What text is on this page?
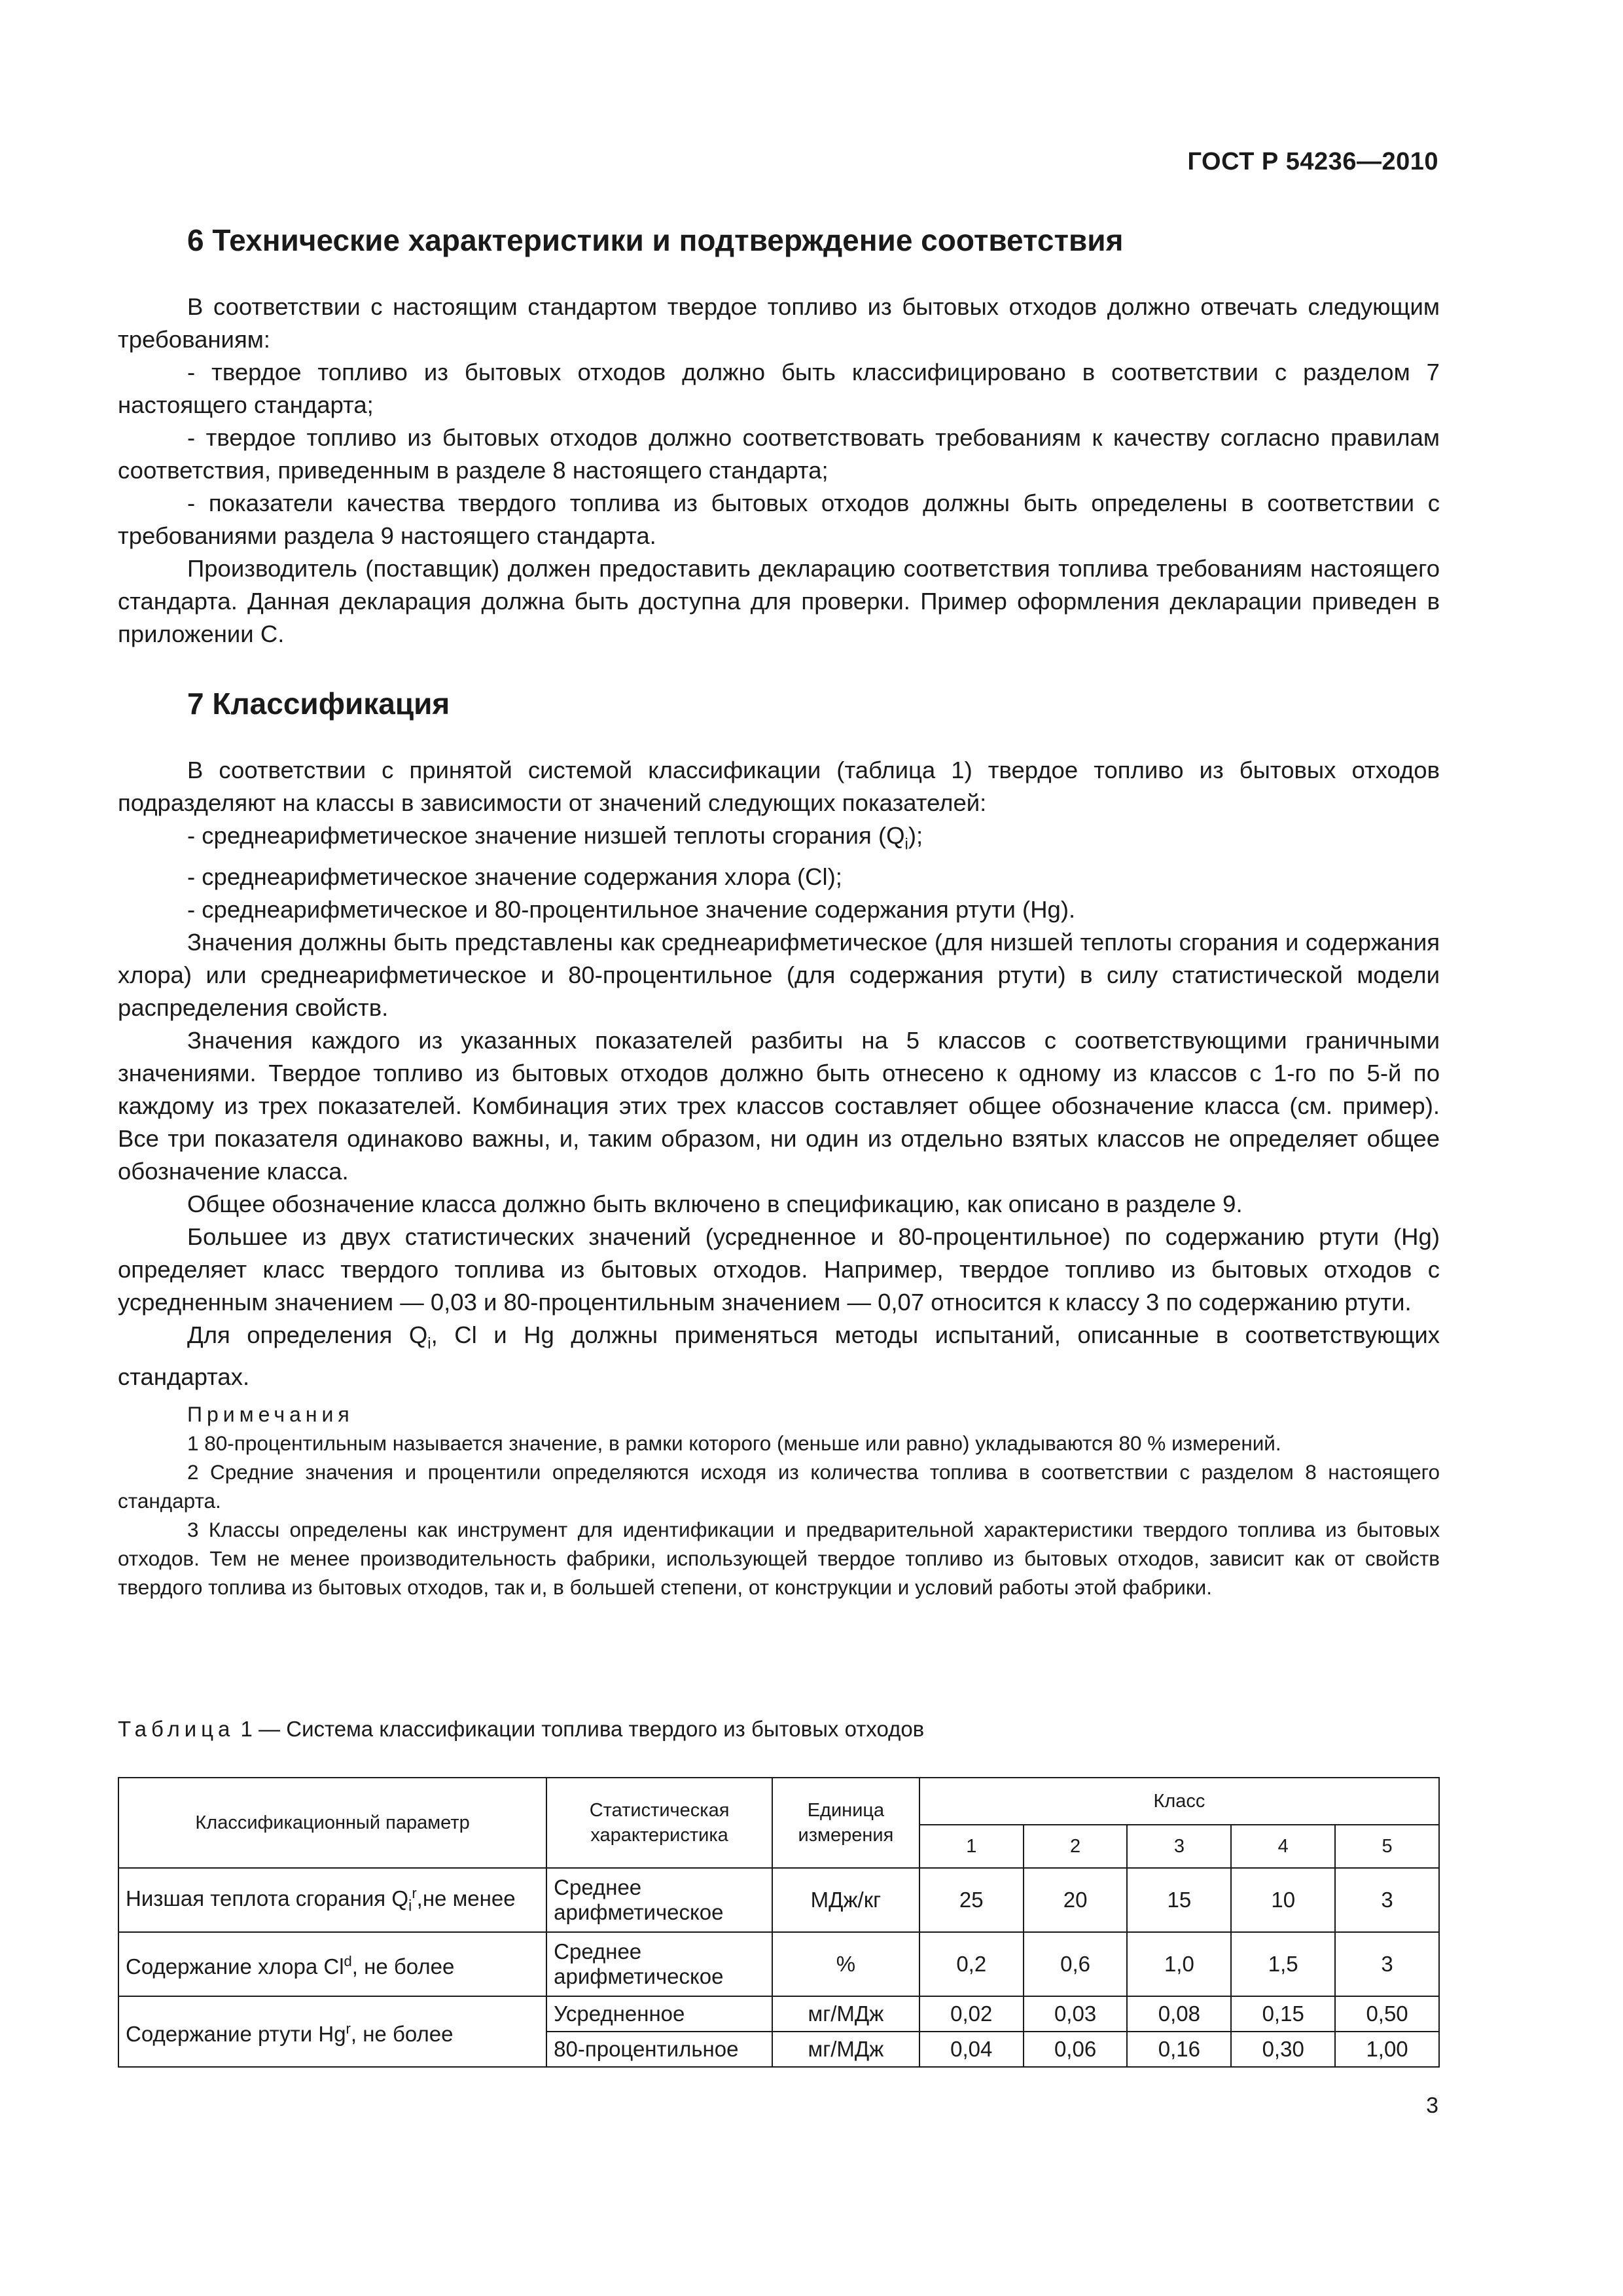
ГОСТ Р 54236—2010
6 Технические характеристики и подтверждение соответствия

В соответствии с настоящим стандартом твердое топливо из бытовых отходов должно отвечать следующим требованиям:

- твердое топливо из бытовых отходов должно быть классифицировано в соответствии с разделом 7 настоящего стандарта;

- твердое топливо из бытовых отходов должно соответствовать требованиям к качеству согласно правилам соответствия, приведенным в разделе 8 настоящего стандарта;

- показатели качества твердого топлива из бытовых отходов должны быть определены в соответствии с требованиями раздела 9 настоящего стандарта.

Производитель (поставщик) должен предоставить декларацию соответствия топлива требованиям настоящего стандарта. Данная декларация должна быть доступна для проверки. Пример оформления декларации приведен в приложении С.

7 Классификация

В соответствии с принятой системой классификации (таблица 1) твердое топливо из бытовых отходов подразделяют на классы в зависимости от значений следующих показателей:

- среднеарифметическое значение низшей теплоты сгорания $(Q_i)$;

- среднеарифметическое значение содержания хлора (Cl);

- среднеарифметическое и 80-процентильное значение содержания ртути (Hg).

Значения должны быть представлены как среднеарифметическое (для низшей теплоты сгорания и содержания хлора) или среднеарифметическое и 80-процентильное (для содержания ртути) в силу статистической модели распределения свойств.

Значения каждого из указанных показателей разбиты на 5 классов с соответствующими граничными значениями. Твердое топливо из бытовых отходов должно быть отнесено к одному из классов с 1-го по 5-й по каждому из трех показателей. Комбинация этих трех классов составляет общее обозначение класса (см. пример). Все три показателя одинаково важны, и, таким образом, ни один из отдельно взятых классов не определяет общее обозначение класса.

Общее обозначение класса должно быть включено в спецификацию, как описано в разделе 9.

Большее из двух статистических значений (усредненное и 80-процентильное) по содержанию ртути (Hg) определяет класс твердого топлива из бытовых отходов. Например, твердое топливо из бытовых отходов с усредненным значением — 0,03 и 80-процентильным значением — 0,07 относится к классу 3 по содержанию ртути.

Для определения $Q_i$, Cl и Hg должны применяться методы испытаний, описанные в соответствующих стандартах.

Примечания

1 80-процентильным называется значение, в рамки которого (меньше или равно) укладываются 80 % измерений.

2 Средние значения и процентили определяются исходя из количества топлива в соответствии с разделом 8 настоящего стандарта.

3 Классы определены как инструмент для идентификации и предварительной характеристики твердого топлива из бытовых отходов. Тем не менее производительность фабрики, использующей твердое топливо из бытовых отходов, зависит как от свойств твердого топлива из бытовых отходов, так и, в большей степени, от конструкции и условий работы этой фабрики.

Таблица 1 — Система классификации топлива твердого из бытовых отходов
Классификационный параметр	Статистическая характеристика	Единица измерения	Класс				
			1	2	3	4	5
Низшая теплота сгорания $Q_i^r,не$ менее	Среднее арифметическое	МДж/кг	25	20	15	10	3
Содержание хлора Cl$^d$, не более	Среднее арифметическое	%	0,2	0,6	1,0	1,5	3
Содержание ртути Hg$^r$, не более	Усредненное	мг/МДж	0,02	0,03	0,08	0,15	0,50
	80-процентильное	мг/МДж	0,04	0,06	0,16	0,30	1,00
3
